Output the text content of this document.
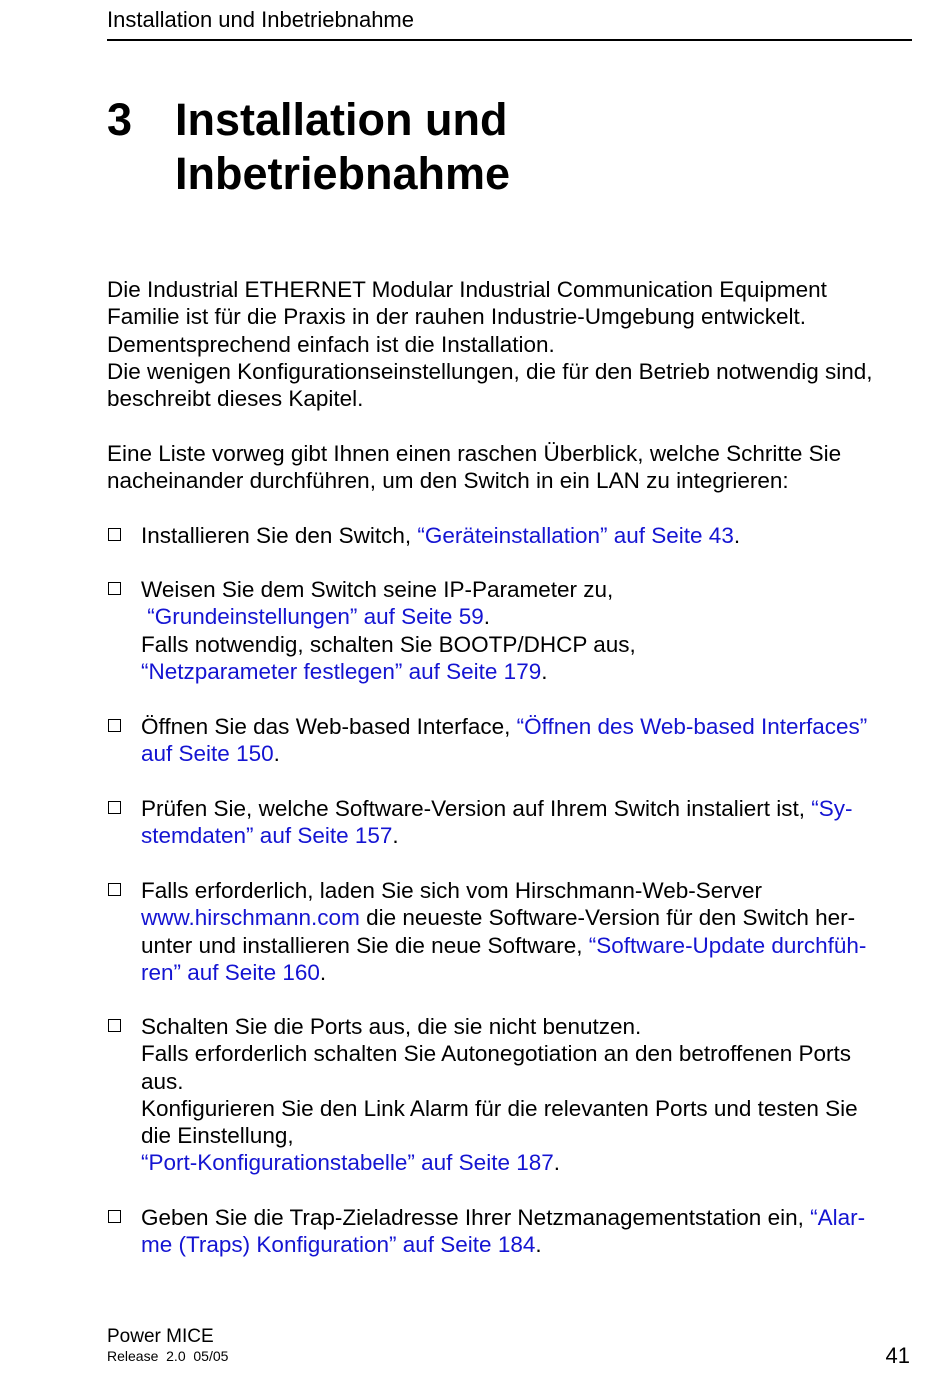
Installation und Inbetriebnahme
3 Installation und
Inbetriebnahme
Die Industrial ETHERNET Modular Industrial Communication Equipment
Familie ist für die Praxis in der rauhen Industrie-Umgebung entwickelt.
Dementsprechend einfach ist die Installation.
Die wenigen Konfigurationseinstellungen, die für den Betrieb notwendig sind,
beschreibt dieses Kapitel.
Eine Liste vorweg gibt Ihnen einen raschen Überblick, welche Schritte Sie
nacheinander durchführen, um den Switch in ein LAN zu integrieren:
Installieren Sie den Switch, “Geräteinstallation” auf Seite 43.
Weisen Sie dem Switch seine IP-Parameter zu,
“Grundeinstellungen” auf Seite 59.
Falls notwendig, schalten Sie BOOTP/DHCP aus,
“Netzparameter festlegen” auf Seite 179.
Öffnen Sie das Web-based Interface, “Öffnen des Web-based Interfaces”
auf Seite 150.
Prüfen Sie, welche Software-Version auf Ihrem Switch instaliert ist, “Sy-
stemdaten” auf Seite 157.
Falls erforderlich, laden Sie sich vom Hirschmann-Web-Server
www.hirschmann.com die neueste Software-Version für den Switch her-
unter und installieren Sie die neue Software, “Software-Update durchfüh-
ren” auf Seite 160.
Schalten Sie die Ports aus, die sie nicht benutzen.
Falls erforderlich schalten Sie Autonegotiation an den betroffenen Ports
aus.
Konfigurieren Sie den Link Alarm für die relevanten Ports und testen Sie
die Einstellung,
“Port-Konfigurationstabelle” auf Seite 187.
Geben Sie die Trap-Zieladresse Ihrer Netzmanagementstation ein, “Alar-
me (Traps) Konfiguration” auf Seite 184.
Power MICE
Release  2.0  05/05	41
